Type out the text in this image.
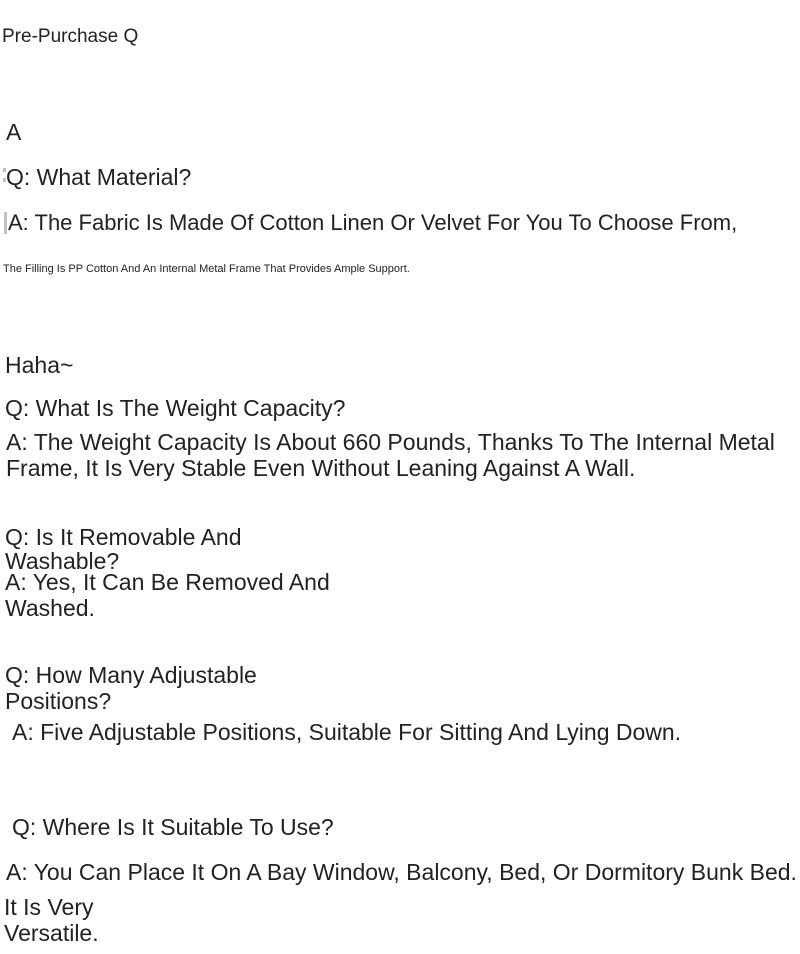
Pre-Purchase Q
A
Q: What Material?
A: The Fabric Is Made Of Cotton Linen Or Velvet For You To Choose From,
The Filling Is PP Cotton And An Internal Metal Frame That Provides Ample Support.
Haha~
Q: What Is The Weight Capacity?
A: The Weight Capacity Is About 660 Pounds, Thanks To The Internal Metal Frame, It Is Very Stable Even Without Leaning Against A Wall.
Q: Is It Removable And Washable?
A: Yes, It Can Be Removed And Washed.
Q: How Many Adjustable Positions?
A: Five Adjustable Positions, Suitable For Sitting And Lying Down.
Q: Where Is It Suitable To Use?
A: You Can Place It On A Bay Window, Balcony, Bed, Or Dormitory Bunk Bed.
It Is Very Versatile.
